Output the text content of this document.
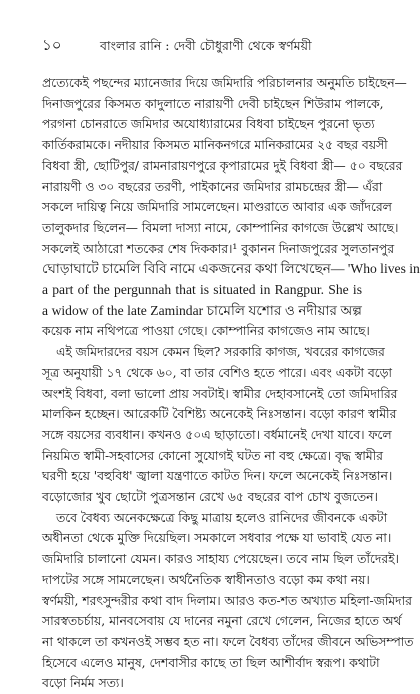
১০	বাংলার রানি : দেবী চৌধুরাণী থেকে স্বর্ণময়ী
প্রত্যেকেই পছন্দের ম্যানেজার দিয়ে জমিদারি পরিচালনার অনুমতি চাইছেন—
দিনাজপুরের কিসমত কাদুলাতে নারায়ণী দেবী চাইছেন শিউরাম পালকে,
পরগনা চোনরাতে জমিদার অযোধ্যারামের বিধবা চাইছেন পুরনো ভৃত্য
কার্তিকরামকে। নদীয়ার কিসমত মানিকনগরে মানিকরামের ২৫ বছর বয়সী
বিধবা স্ত্রী, ছোটিপুর/ রামনারায়ণপুরে কৃপারামের দুই বিধবা স্ত্রী— ৫০ বছরের
নারায়ণী ও ৩০ বছরের তরণী, পাইকানের জমিদার রামচন্দ্রের স্ত্রী— এঁরা
সকলে দায়িত্ব নিয়ে জমিদারি সামলেছেন। মাণ্ডরাতে আবার এক জাঁদরেল
তালুকদার ছিলেন— বিমলা দাস্যা নামে, কোম্পানির কাগজে উল্লেখ আছে।
সকলেই আঠারো শতকের শেষ দিককার।¹ বুকানন দিনাজপুরের সুলতানপুর
ঘোড়াঘাটে চামেলি বিবি নামে একজনের কথা লিখেছেন— 'Who lives in
a part of the pergunnah that is situated in Rangpur. She is
a widow of the late Zamindar চামেলি যশোর ও নদীয়ার অল্প
কয়েক নাম নথিপত্রে পাওয়া গেছে। কোম্পানির কাগজেও নাম আছে।
এই জমিদারদের বয়স কেমন ছিল? সরকারি কাগজ, খবরের কাগজের
সূত্র অনুযায়ী ১৭ থেকে ৬০, বা তার বেশিও হতে পারে। এবং একটা বড়ো
অংশই বিধবা, বলা ভালো প্রায় সবটাই। স্বামীর দেহাবসানেই তো জমিদারির
মালকিন হচ্ছেন। আরেকটি বৈশিষ্ট্য অনেকেই নিঃসন্তান। বড়ো কারণ স্বামীর
সঙ্গে বয়সের ব্যবধান। কখনও ৫০এ ছাড়াতো। বর্ধমানেই দেখা যাবে। ফলে
নিয়মিত স্বামী-সহবাসের কোনো সুযোগই ঘটত না বহু ক্ষেত্রে। বৃদ্ধ স্বামীর
ঘরণী হয়ে 'বহুবিধ' জ্বালা যন্ত্রণাতে কাটত দিন। ফলে অনেকেই নিঃসন্তান।
বড়োজোর খুব ছোটো পুত্রসন্তান রেখে ৬৫ বছরের বাপ চোখ বুজতেন।
তবে বৈধব্য অনেকক্ষেত্রে কিছু মাত্রায় হলেও রানিদের জীবনকে একটা
অধীনতা থেকে মুক্তি দিয়েছিল। সমকালে সধবার পক্ষে যা ভাবাই যেত না।
জমিদারি চালানো যেমন। কারও সাহায্য পেয়েছেন। তবে নাম ছিল তাঁদেরই।
দাপটের সঙ্গে সামলেছেন। অর্থনৈতিক স্বাধীনতাও বড়ো কম কথা নয়।
স্বর্ণময়ী, শরৎসুন্দরীর কথা বাদ দিলাম। আরও কত-শত অখ্যাত মহিলা-জমিদার
সারস্বতচর্চায়, মানবসেবায় যে দানের নমুনা রেখে গেলেন, নিজের হাতে অর্থ
না থাকলে তা কখনওই সম্ভব হত না। ফলে বৈধব্য তাঁদের জীবনে অভিসম্পাত
হিসেবে এলেও মানুষ, দেশবাসীর কাছে তা ছিল আশীর্বাদ স্বরূপ। কথাটা
বড়ো নির্মম সত্য।
